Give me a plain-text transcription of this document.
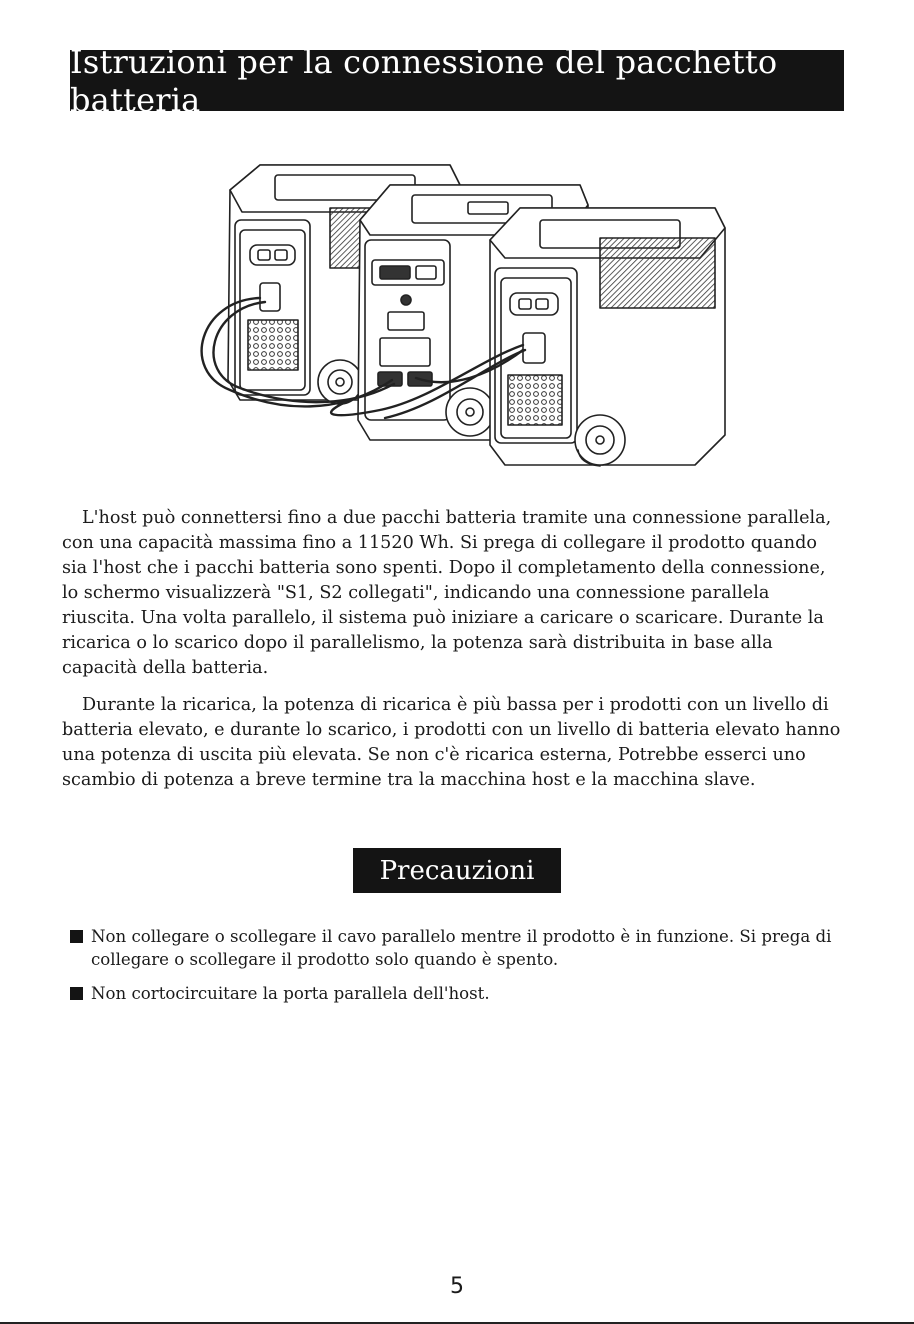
Istruzioni per la connessione del pacchetto batteria

L'host può connettersi fino a due pacchi batteria tramite una connessione parallela, con una capacità massima fino a 11520 Wh. Si prega di collegare il prodotto quando sia l'host che i pacchi batteria sono spenti. Dopo il completamento della connessione, lo schermo visualizzerà "S1, S2 collegati", indicando una connessione parallela riuscita. Una volta parallelo, il sistema può iniziare a caricare o scaricare. Durante la ricarica o lo scarico dopo il parallelismo, la potenza sarà distribuita in base alla capacità della batteria.

Durante la ricarica, la potenza di ricarica è più bassa per i prodotti con un livello di batteria elevato, e durante lo scarico, i prodotti con un livello di batteria elevato hanno una potenza di uscita più elevata. Se non c'è ricarica esterna, Potrebbe esserci uno scambio di potenza a breve termine tra la macchina host e la macchina slave.

Precauzioni
Non collegare o scollegare il cavo parallelo mentre il prodotto è in funzione. Si prega di collegare o scollegare il prodotto solo quando è spento.
Non cortocircuitare la porta parallela dell'host.
5
